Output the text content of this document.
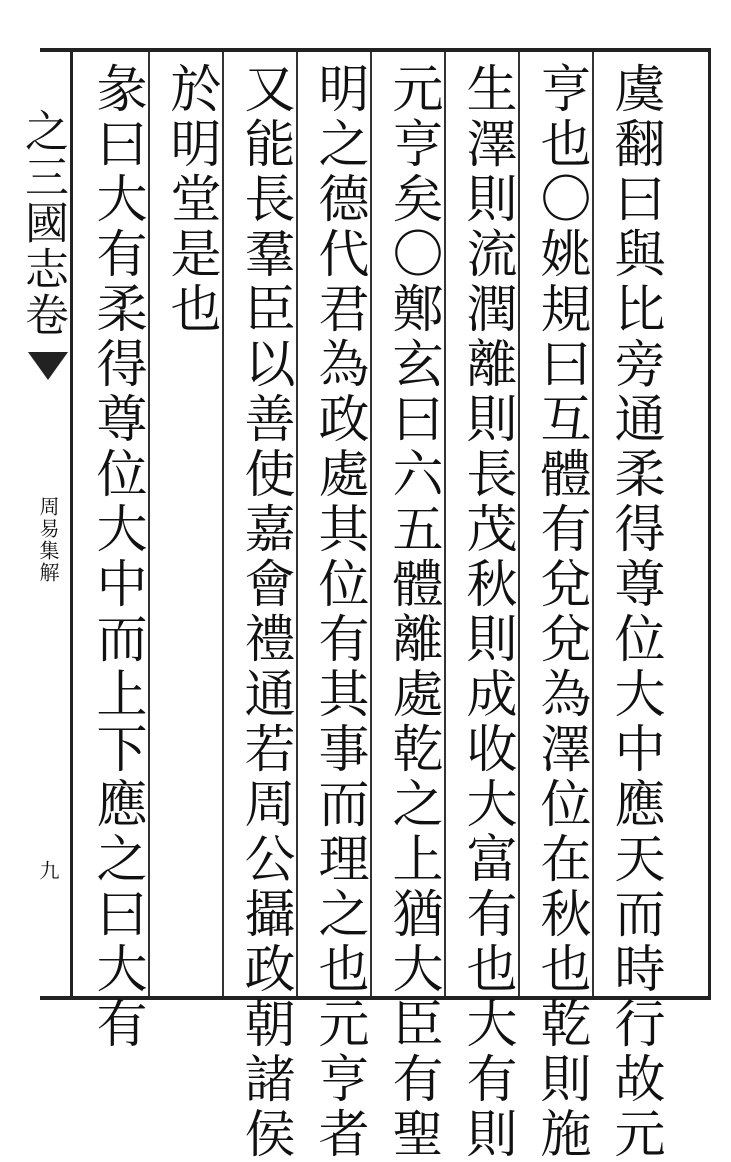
之三國志卷
周易集解
九	虞翻曰與比旁通柔得尊位大中應天而時行故元
亨也〇姚規曰互體有兌兌為澤位在秋也乾則施
生澤則流潤離則長茂秋則成收大富有也大有則
元亨矣〇鄭玄曰六五體離處乾之上猶大臣有聖
明之德代君為政處其位有其事而理之也元亨者
又能長羣臣以善使嘉會禮通若周公攝政朝諸侯
於明堂是也
彖曰大有柔得尊位大中而上下應之曰大有
